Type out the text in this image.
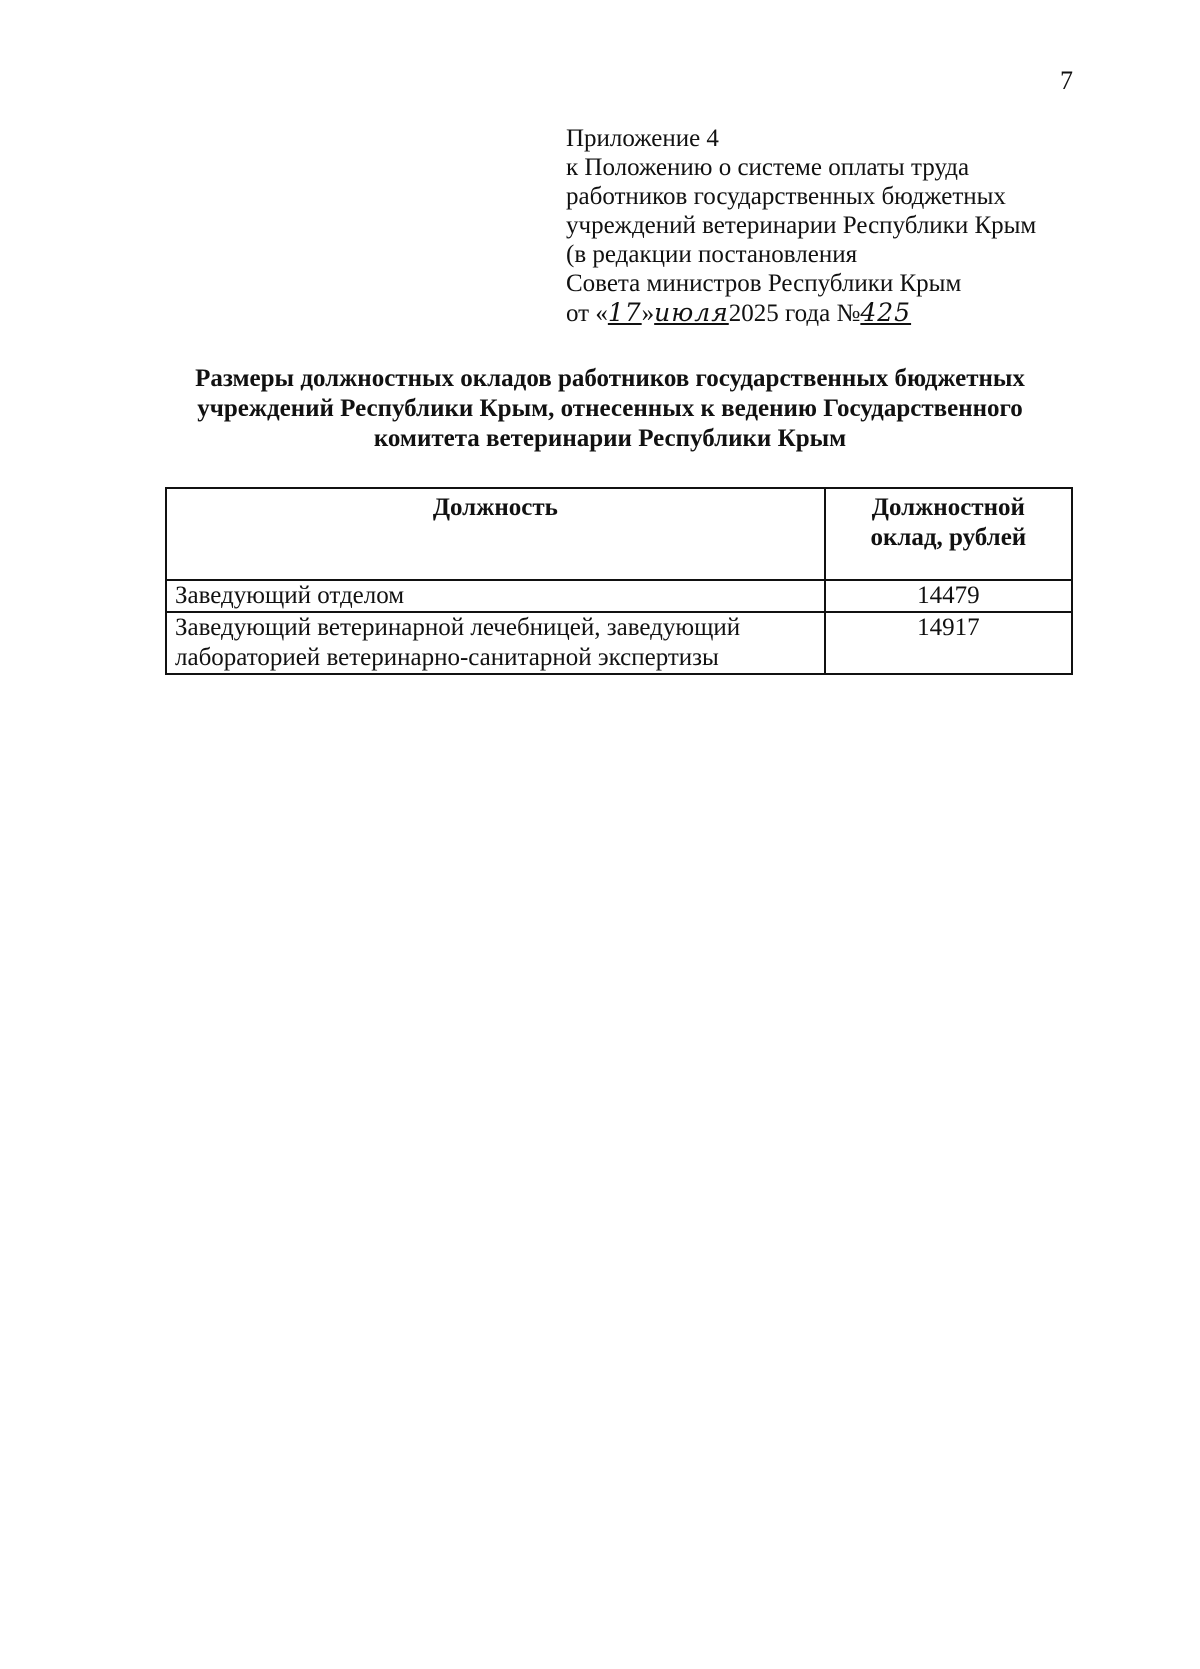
7
Приложение 4
к Положению о системе оплаты труда
работников государственных бюджетных
учреждений ветеринарии Республики Крым
(в редакции постановления
Совета министров Республики Крым
от «17»июля2025 года №425
Размеры должностных окладов работников государственных бюджетных
учреждений Республики Крым, отнесенных к ведению Государственного
комитета ветеринарии Республики Крым
Должность	Должностной оклад, рублей
Заведующий отделом	14479
Заведующий ветеринарной лечебницей, заведующий лабораторией ветеринарно-санитарной экспертизы	14917
